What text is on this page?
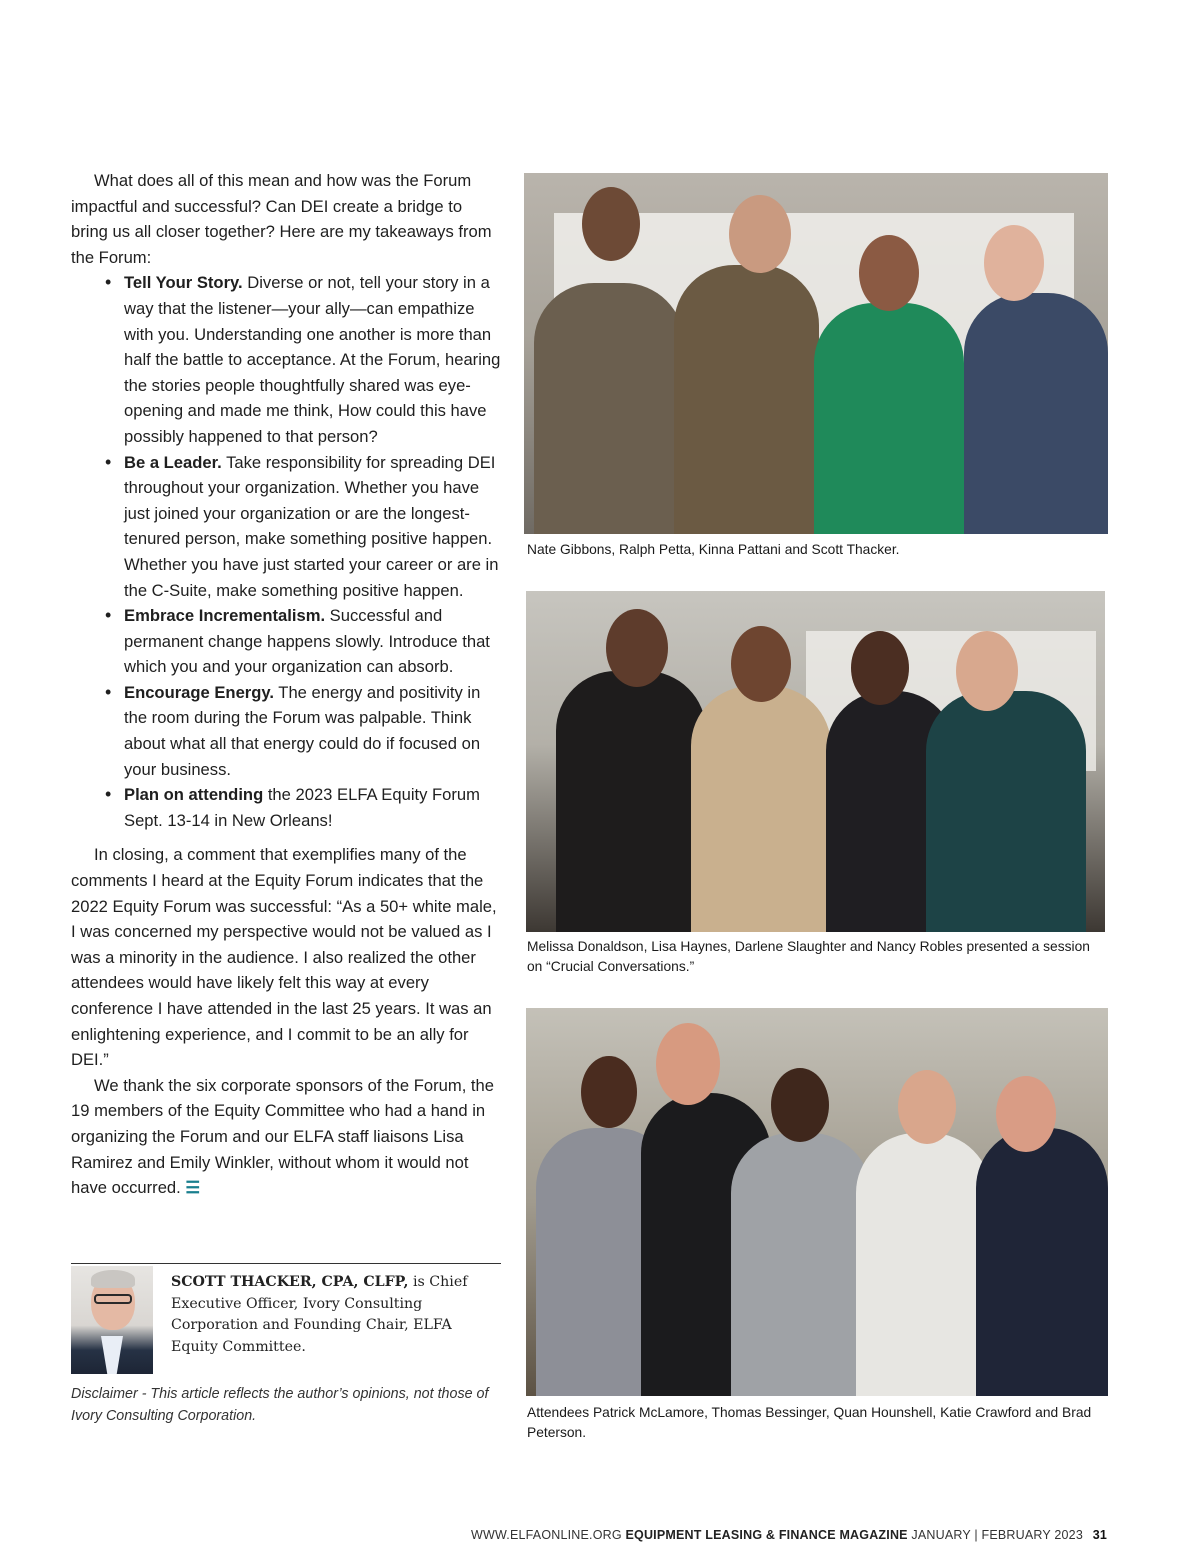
What does all of this mean and how was the Forum impactful and successful? Can DEI create a bridge to bring us all closer together? Here are my takeaways from the Forum:

• Tell Your Story. Diverse or not, tell your story in a way that the listener—your ally—can empathize with you. Understanding one another is more than half the battle to acceptance. At the Forum, hearing the stories people thoughtfully shared was eye-opening and made me think, How could this have possibly happened to that person?
• Be a Leader. Take responsibility for spreading DEI throughout your organization. Whether you have just joined your organization or are the longest-tenured person, make something positive happen. Whether you have just started your career or are in the C-Suite, make something positive happen.
• Embrace Incrementalism. Successful and permanent change happens slowly. Introduce that which you and your organization can absorb.
• Encourage Energy. The energy and positivity in the room during the Forum was palpable. Think about what all that energy could do if focused on your business.
• Plan on attending the 2023 ELFA Equity Forum Sept. 13-14 in New Orleans!

In closing, a comment that exemplifies many of the comments I heard at the Equity Forum indicates that the 2022 Equity Forum was successful: “As a 50+ white male, I was concerned my perspective would not be valued as I was a minority in the audience. I also realized the other attendees would have likely felt this way at every conference I have attended in the last 25 years. It was an enlightening experience, and I commit to be an ally for DEI.”

We thank the six corporate sponsors of the Forum, the 19 members of the Equity Committee who had a hand in organizing the Forum and our ELFA staff liaisons Lisa Ramirez and Emily Winkler, without whom it would not have occurred. ☰

SCOTT THACKER, CPA, CLFP, is Chief Executive Officer, Ivory Consulting Corporation and Founding Chair, ELFA Equity Committee.
Disclaimer - This article reflects the author’s opinions, not those of Ivory Consulting Corporation.
Nate Gibbons, Ralph Petta, Kinna Pattani and Scott Thacker.
Melissa Donaldson, Lisa Haynes, Darlene Slaughter and Nancy Robles presented a session on “Crucial Conversations.”
Attendees Patrick McLamore, Thomas Bessinger, Quan Hounshell, Katie Crawford and Brad Peterson.
WWW.ELFAONLINE.ORG EQUIPMENT LEASING & FINANCE MAGAZINE JANUARY | FEBRUARY 2023 31
